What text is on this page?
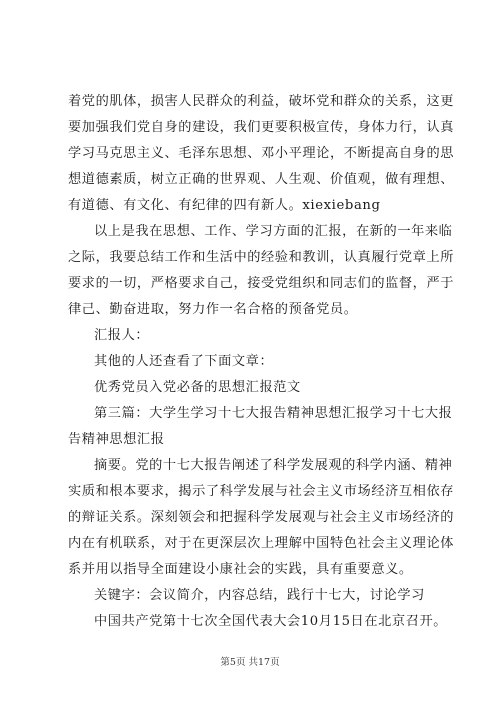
着党的肌体，损害人民群众的利益，破坏党和群众的关系，这更
要加强我们党自身的建设，我们更要积极宣传，身体力行，认真
学习马克思主义、毛泽东思想、邓小平理论，不断提高自身的思
想道德素质，树立正确的世界观、人生观、价值观，做有理想、
有道德、有文化、有纪律的四有新人。xiexiebang
以上是我在思想、工作、学习方面的汇报，在新的一年来临
之际，我要总结工作和生活中的经验和教训，认真履行党章上所
要求的一切，严格要求自己，接受党组织和同志们的监督，严于
律己、勤奋进取，努力作一名合格的预备党员。
汇报人：
其他的人还查看了下面文章：
优秀党员入党必备的思想汇报范文
第三篇：大学生学习十七大报告精神思想汇报学习十七大报
告精神思想汇报
摘要。党的十七大报告阐述了科学发展观的科学内涵、精神
实质和根本要求，揭示了科学发展与社会主义市场经济互相依存
的辩证关系。深刻领会和把握科学发展观与社会主义市场经济的
内在有机联系，对于在更深层次上理解中国特色社会主义理论体
系并用以指导全面建设小康社会的实践，具有重要意义。
关键字：会议简介，内容总结，践行十七大，讨论学习
中国共产党第十七次全国代表大会10月15日在北京召开。
第5页 共17页
